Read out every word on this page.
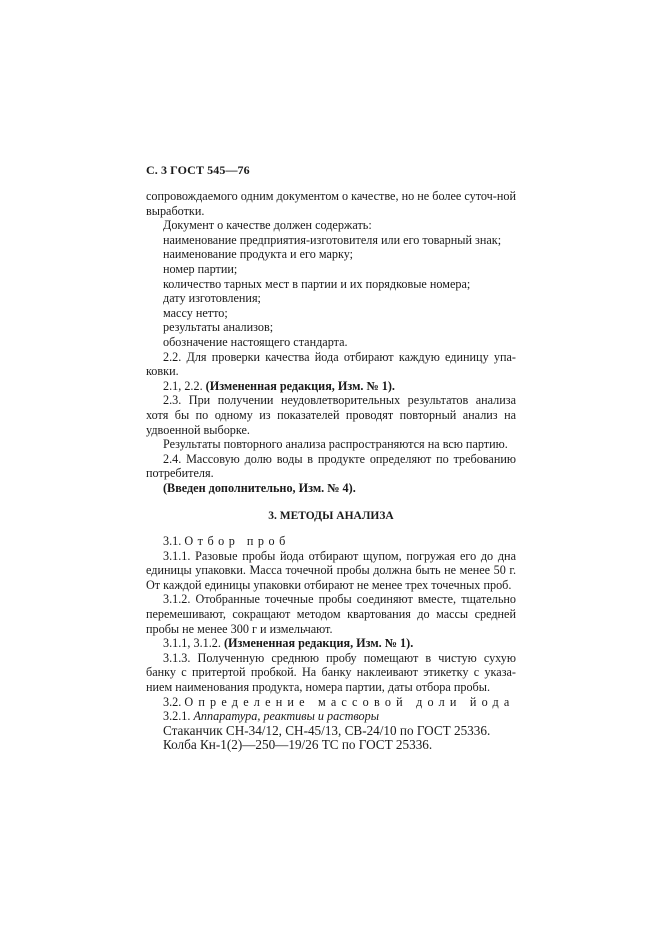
С. 3 ГОСТ 545—76

сопровождаемого одним документом о качестве, но не более суточ-ной выработки.

Документ о качестве должен содержать:

наименование предприятия-изготовителя или его товарный знак;

наименование продукта и его марку;

номер партии;

количество тарных мест в партии и их порядковые номера;

дату изготовления;

массу нетто;

результаты анализов;

обозначение настоящего стандарта.

2.2. Для проверки качества йода отбирают каждую единицу упа-ковки.

2.1, 2.2. (Измененная редакция, Изм. № 1).

2.3. При получении неудовлетворительных результатов анализа хотя бы по одному из показателей проводят повторный анализ на удвоенной выборке.

Результаты повторного анализа распространяются на всю партию.

2.4. Массовую долю воды в продукте определяют по требованию потребителя.

(Введен дополнительно, Изм. № 4).

3. МЕТОДЫ АНАЛИЗА

3.1. Отбор проб

3.1.1. Разовые пробы йода отбирают щупом, погружая его до дна единицы упаковки. Масса точечной пробы должна быть не менее 50 г. От каждой единицы упаковки отбирают не менее трех точечных проб.

3.1.2. Отобранные точечные пробы соединяют вместе, тщательно перемешивают, сокращают методом квартования до массы средней пробы не менее 300 г и измельчают.

3.1.1, 3.1.2. (Измененная редакция, Изм. № 1).

3.1.3. Полученную среднюю пробу помещают в чистую сухую банку с притертой пробкой. На банку наклеивают этикетку с указа-нием наименования продукта, номера партии, даты отбора пробы.

3.2. Определение массовой доли йода

3.2.1. Аппаратура, реактивы и растворы

Стаканчик СН-34/12, СН-45/13, СВ-24/10 по ГОСТ 25336.

Колба Кн-1(2)—250—19/26 ТС по ГОСТ 25336.
